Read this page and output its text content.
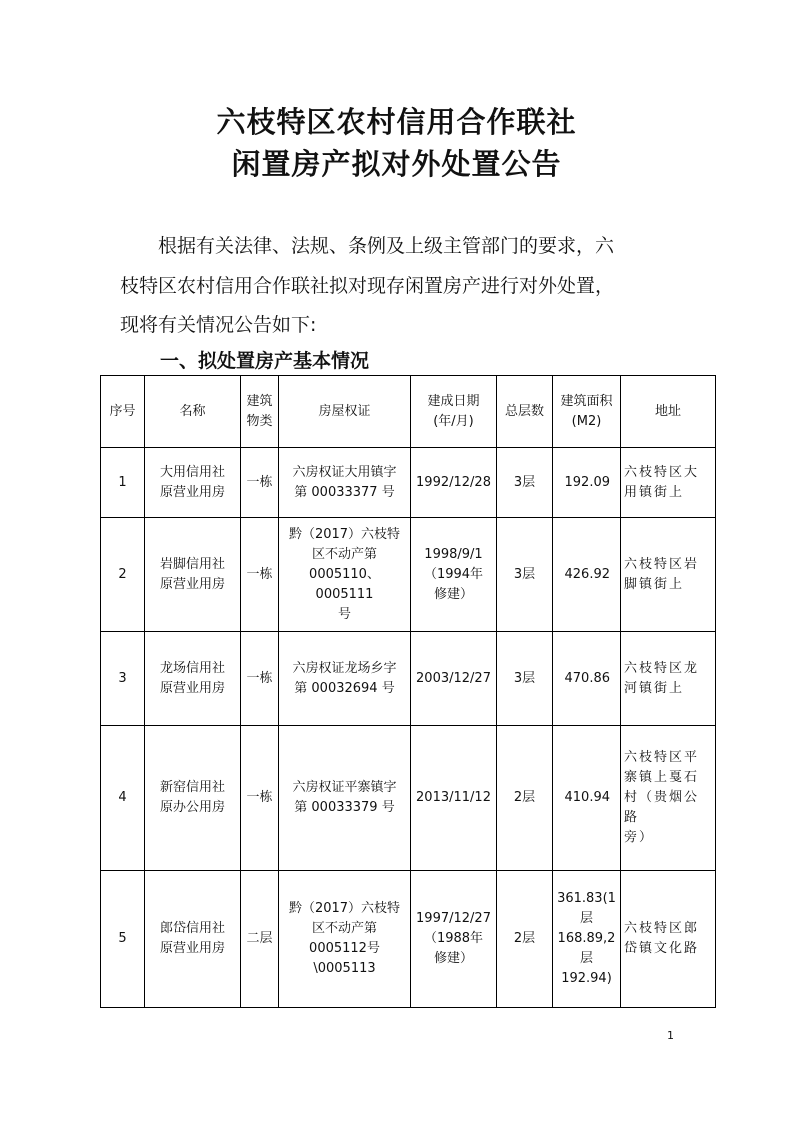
六枝特区农村信用合作联社
闲置房产拟对外处置公告
根据有关法律、法规、条例及上级主管部门的要求，六
枝特区农村信用合作联社拟对现存闲置房产进行对外处置，
现将有关情况公告如下:
一、拟处置房产基本情况
序号	名称	建筑
物类	房屋权证	建成日期
(年/月)	总层数	建筑面积
(M2)	地址
1	大用信用社
原营业用房	一栋	六房权证大用镇字
第 00033377 号	1992/12/28	3层	192.09	六枝特区大
用镇街上
2	岩脚信用社
原营业用房	一栋	黔（2017）六枝特
区不动产第
0005110、0005111
号	1998/9/1
（1994年
修建）	3层	426.92	六枝特区岩
脚镇街上
3	龙场信用社
原营业用房	一栋	六房权证龙场乡字
第 00032694 号	2003/12/27	3层	470.86	六枝特区龙
河镇街上
4	新窑信用社
原办公用房	一栋	六房权证平寨镇字
第 00033379 号	2013/11/12	2层	410.94	六枝特区平
寨镇上戛石
村（贵烟公路
旁）
5	郎岱信用社
原营业用房	二层	黔（2017）六枝特
区不动产第
0005112号
\0005113	1997/12/27
（1988年
修建）	2层	361.83(1
层
168.89,2
层
192.94)	六枝特区郎
岱镇文化路
1
